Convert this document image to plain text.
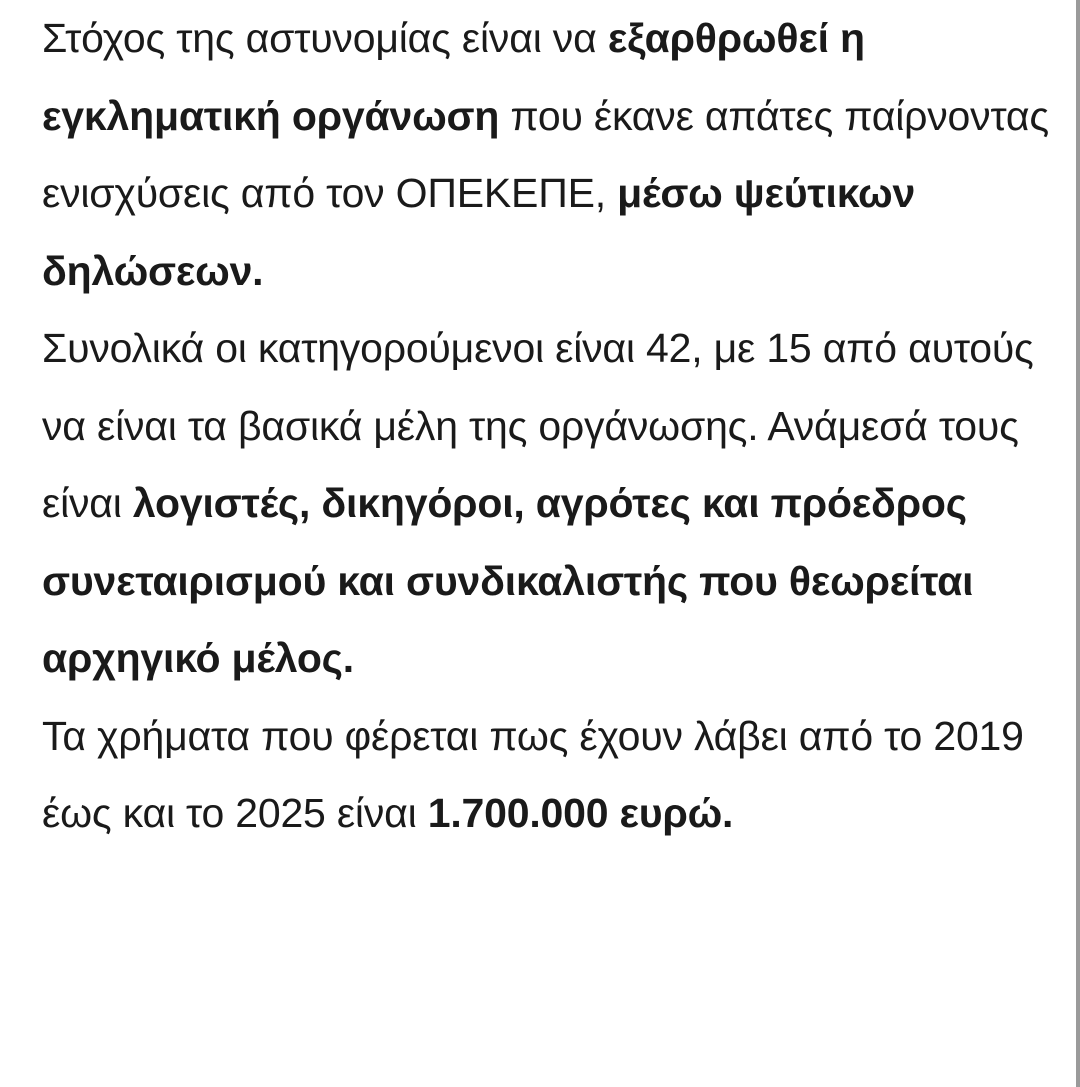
Στόχος της αστυνομίας είναι να εξαρθρωθεί η εγκληματική οργάνωση που έκανε απάτες παίρνοντας ενισχύσεις από τον ΟΠΕΚΕΠΕ, μέσω ψεύτικων δηλώσεων.

Συνολικά οι κατηγορούμενοι είναι 42, με 15 από αυτούς να είναι τα βασικά μέλη της οργάνωσης. Ανάμεσά τους είναι λογιστές, δικηγόροι, αγρότες και πρόεδρος συνεταιρισμού και συνδικαλιστής που θεωρείται αρχηγικό μέλος.

Τα χρήματα που φέρεται πως έχουν λάβει από το 2019 έως και το 2025 είναι 1.700.000 ευρώ.
